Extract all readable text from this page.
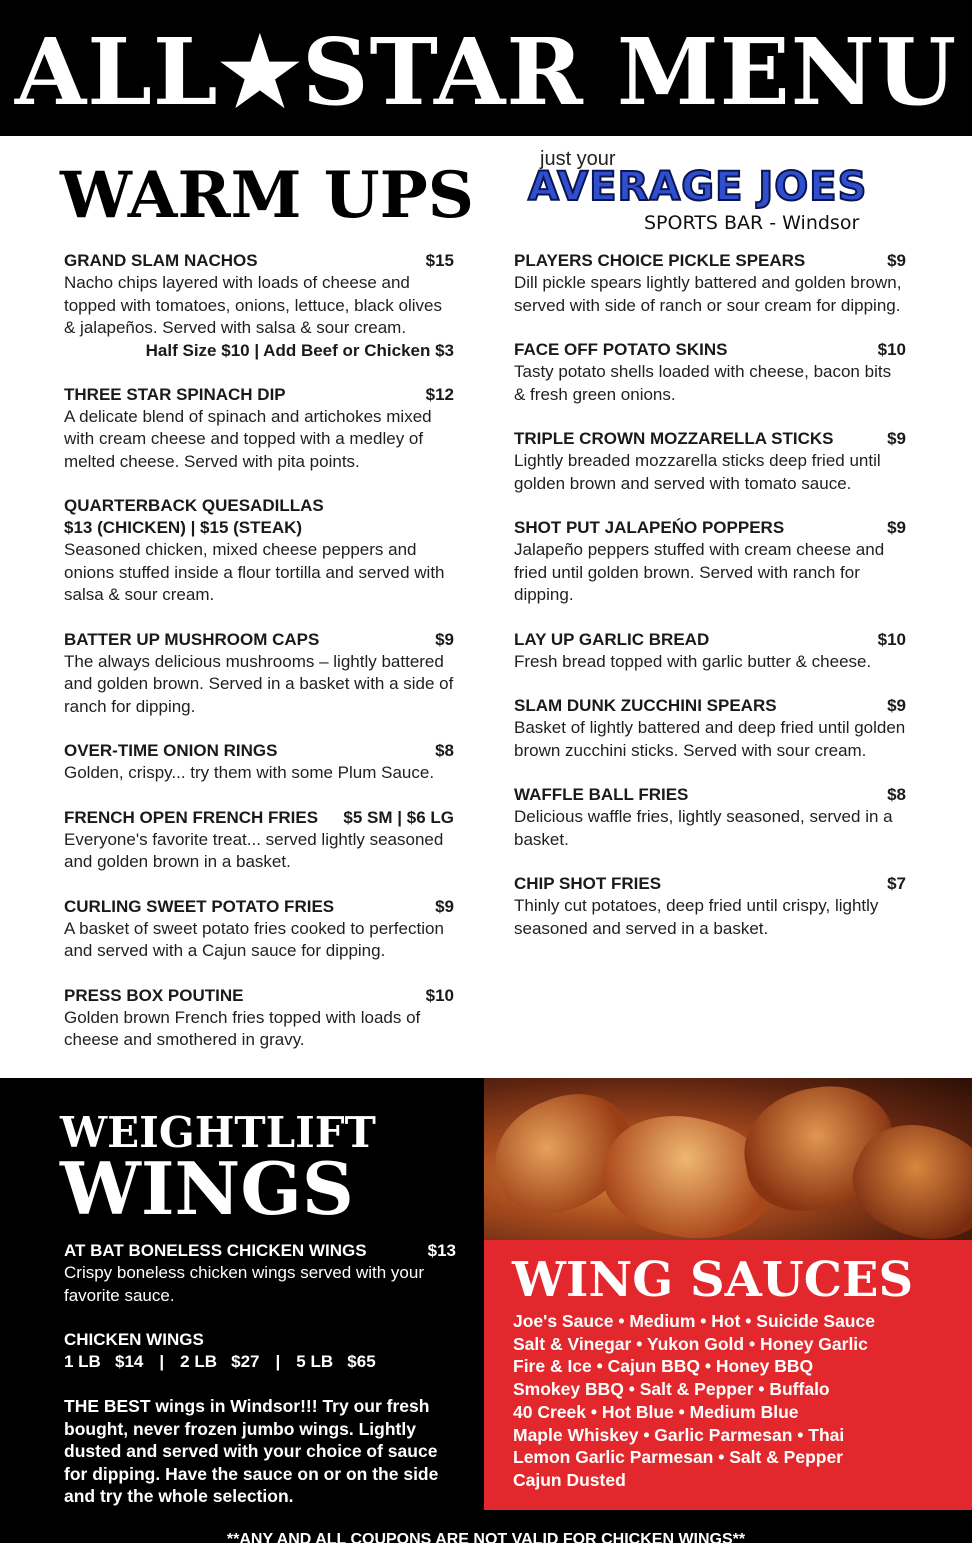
ALL★STAR MENU
WARM UPS	just your
AVERAGE JOES
SPORTS BAR - Windsor
GRAND SLAM NACHOS	$15
Nacho chips layered with loads of cheese and topped with tomatoes, onions, lettuce, black olives & jalapeños. Served with salsa & sour cream.
Half Size $10 | Add Beef or Chicken $3
THREE STAR SPINACH DIP	$12
A delicate blend of spinach and artichokes mixed with cream cheese and topped with a medley of melted cheese. Served with pita points.
QUARTERBACK QUESADILLAS
$13 (CHICKEN) | $15 (STEAK)
Seasoned chicken, mixed cheese peppers and onions stuffed inside a flour tortilla and served with salsa & sour cream.
BATTER UP MUSHROOM CAPS	$9
The always delicious mushrooms – lightly battered and golden brown. Served in a basket with a side of ranch for dipping.
OVER-TIME ONION RINGS	$8
Golden, crispy... try them with some Plum Sauce.
FRENCH OPEN FRENCH FRIES $5 SM | $6 LG
Everyone's favorite treat... served lightly seasoned and golden brown in a basket.
CURLING SWEET POTATO FRIES	$9
A basket of sweet potato fries cooked to perfection and served with a Cajun sauce for dipping.
PRESS BOX POUTINE	$10
Golden brown French fries topped with loads of cheese and smothered in gravy.
PLAYERS CHOICE PICKLE SPEARS	$9
Dill pickle spears lightly battered and golden brown, served with side of ranch or sour cream for dipping.
FACE OFF POTATO SKINS	$10
Tasty potato shells loaded with cheese, bacon bits & fresh green onions.
TRIPLE CROWN MOZZARELLA STICKS	$9
Lightly breaded mozzarella sticks deep fried until golden brown and served with tomato sauce.
SHOT PUT JALAPEŃO POPPERS	$9
Jalapeño peppers stuffed with cream cheese and fried until golden brown. Served with ranch for dipping.
LAY UP GARLIC BREAD	$10
Fresh bread topped with garlic butter & cheese.
SLAM DUNK ZUCCHINI SPEARS	$9
Basket of lightly battered and deep fried until golden brown zucchini sticks. Served with sour cream.
WAFFLE BALL FRIES	$8
Delicious waffle fries, lightly seasoned, served in a basket.
CHIP SHOT FRIES	$7
Thinly cut potatoes, deep fried until crispy, lightly seasoned and served in a basket.
WEIGHTLIFT
WINGS
AT BAT BONELESS CHICKEN WINGS	$13
Crispy boneless chicken wings served with your favorite sauce.
CHICKEN WINGS
1 LB   $14 | 2 LB   $27 | 5 LB   $65
THE BEST wings in Windsor!!! Try our fresh bought, never frozen jumbo wings. Lightly dusted and served with your choice of sauce for dipping. Have the sauce on or on the side and try the whole selection.
WING SAUCES
Joe's Sauce • Medium • Hot • Suicide Sauce
Salt & Vinegar • Yukon Gold • Honey Garlic
Fire & Ice • Cajun BBQ • Honey BBQ
Smokey BBQ • Salt & Pepper • Buffalo
40 Creek • Hot Blue • Medium Blue
Maple Whiskey • Garlic Parmesan • Thai
Lemon Garlic Parmesan • Salt & Pepper
Cajun Dusted
**ANY AND ALL COUPONS ARE NOT VALID FOR CHICKEN WINGS**
